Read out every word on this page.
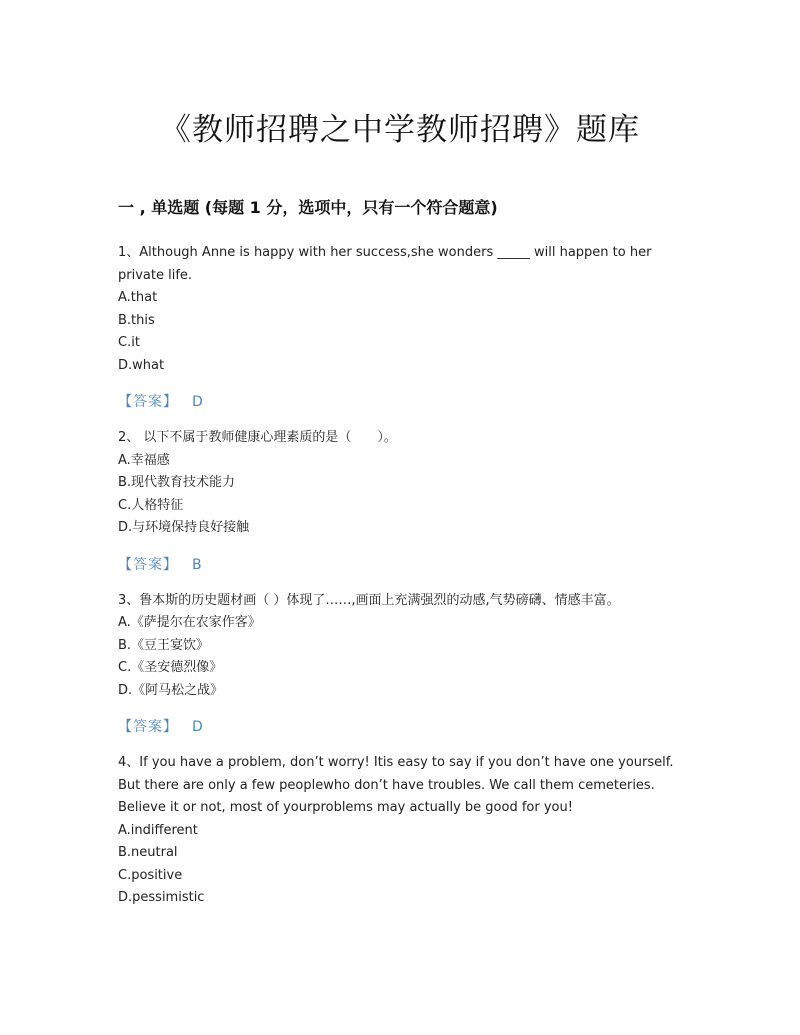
《教师招聘之中学教师招聘》题库
一 , 单选题 (每题 1 分，选项中，只有一个符合题意)

1、Although Anne is happy with her success,she wonders _____ will happen to her private life.

A.that

B.this

C.it

D.what

【答案】 D

2、 以下不属于教师健康心理素质的是（　　）。

A.幸福感

B.现代教育技术能力

C.人格特征

D.与环境保持良好接触

【答案】 B

3、鲁本斯的历史题材画（ ）体现了……,画面上充满强烈的动感,气势磅礴、情感丰富。

A.《萨提尔在农家作客》

B.《豆王宴饮》

C.《圣安德烈像》

D.《阿马松之战》

【答案】 D

4、If you have a problem, don’t worry! Itis easy to say if you don’t have one yourself. But there are only a few peoplewho don’t have troubles. We call them cemeteries. Believe it or not, most of yourproblems may actually be good for you!

A.indifferent

B.neutral

C.positive

D.pessimistic
